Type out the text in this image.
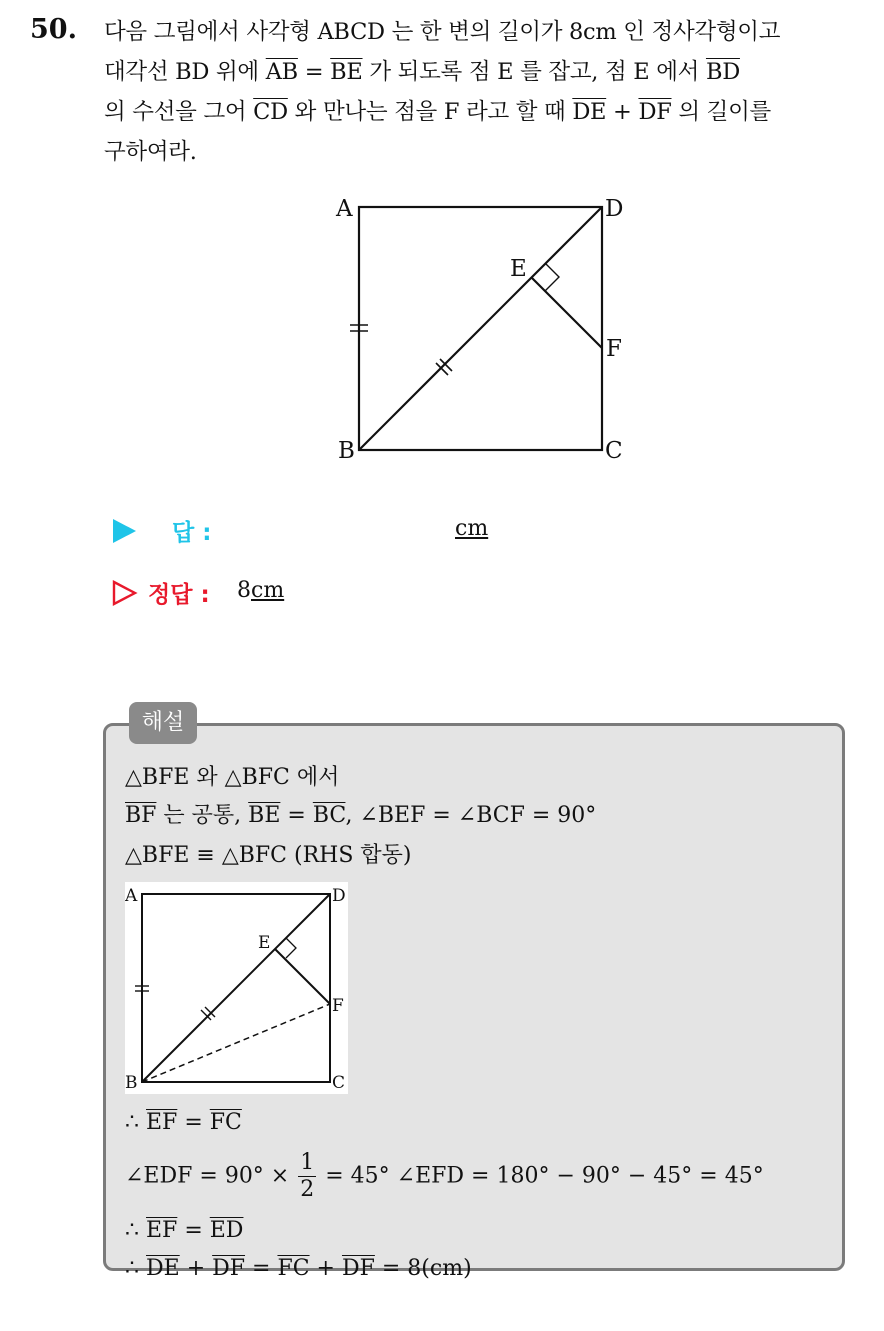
50. 다음 그림에서 사각형 ABCD 는 한 변의 길이가 8cm 인 정사각형이고
대각선 BD 위에 $\overline{AB} = \overline{BE}$ 가 되도록 점 E 를 잡고, 점 E 에서 $\overline{BD}$
의 수선을 그어 $\overline{CD}$ 와 만나는 점을 F 라고 할 때 $\overline{DE} + \overline{DF}$ 의 길이를
구하여라.
A	D
E
F
B	C
답 :	cm
정답 : 8 cm
해설
△BFE 와 △BFC 에서
$\overline{BF}$ 는 공통, $\overline{BE} = \overline{BC}$, ∠BEF = ∠BCF = 90°
△BFE ≡ △BFC (RHS 합동)
A	D
E
F
B	C
∴ $\overline{EF} = \overline{FC}$
∠EDF = $90^\circ \times \frac{1}{2} = 45^\circ$ ∠EFD = 180° − 90° − 45° = 45°
∴ $\overline{EF} = \overline{ED}$
∴ $\overline{DE} + \overline{DF} = \overline{FC} + \overline{DF} = 8(cm)$
